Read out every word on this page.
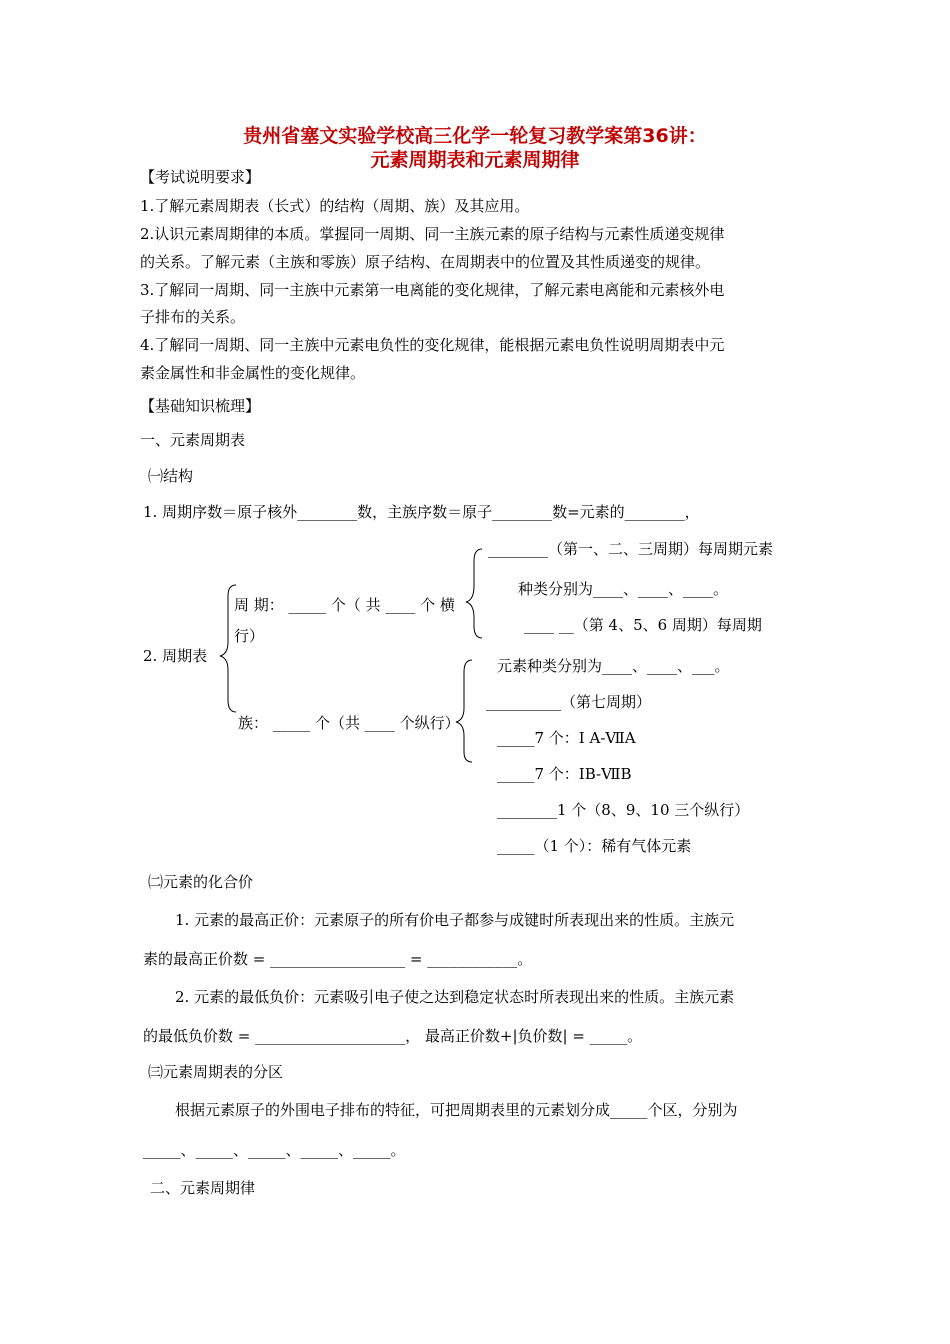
贵州省塞文实验学校高三化学一轮复习教学案第36讲：
元素周期表和元素周期律
【考试说明要求】
1.了解元素周期表（长式）的结构（周期、族）及其应用。
2.认识元素周期律的本质。掌握同一周期、同一主族元素的原子结构与元素性质递变规律
的关系。了解元素（主族和零族）原子结构、在周期表中的位置及其性质递变的规律。
3.了解同一周期、同一主族中元素第一电离能的变化规律，了解元素电离能和元素核外电
子排布的关系。
4.了解同一周期、同一主族中元素电负性的变化规律，能根据元素电负性说明周期表中元
素金属性和非金属性的变化规律。
【基础知识梳理】
一、元素周期表
㈠结构
1. 周期序数＝原子核外________数，主族序数＝原子________数=元素的________，
2. 周期表
周 期： _____ 个（ 共 ____ 个 横
行）
族： _____ 个（共 ____ 个纵行）
________（第一、二、三周期）每周期元素
种类分别为____、____、____。
____ __（第 4、5、6 周期）每周期
元素种类分别为____、____、___。
__________（第七周期）
_____7 个：Ⅰ A-ⅦA
_____7 个：IB-ⅦB
________1 个（8、9、10 三个纵行）
_____（1 个）：稀有气体元素
㈡元素的化合价
1. 元素的最高正价：元素原子的所有价电子都参与成键时所表现出来的性质。主族元
素的最高正价数 = __________________ = ____________。
2. 元素的最低负价：元素吸引电子使之达到稳定状态时所表现出来的性质。主族元素
的最低负价数 = ____________________， 最高正价数+|负价数| = _____。
㈢元素周期表的分区
根据元素原子的外围电子排布的特征，可把周期表里的元素划分成_____个区，分别为
_____、_____、_____、_____、_____。
二、元素周期律
